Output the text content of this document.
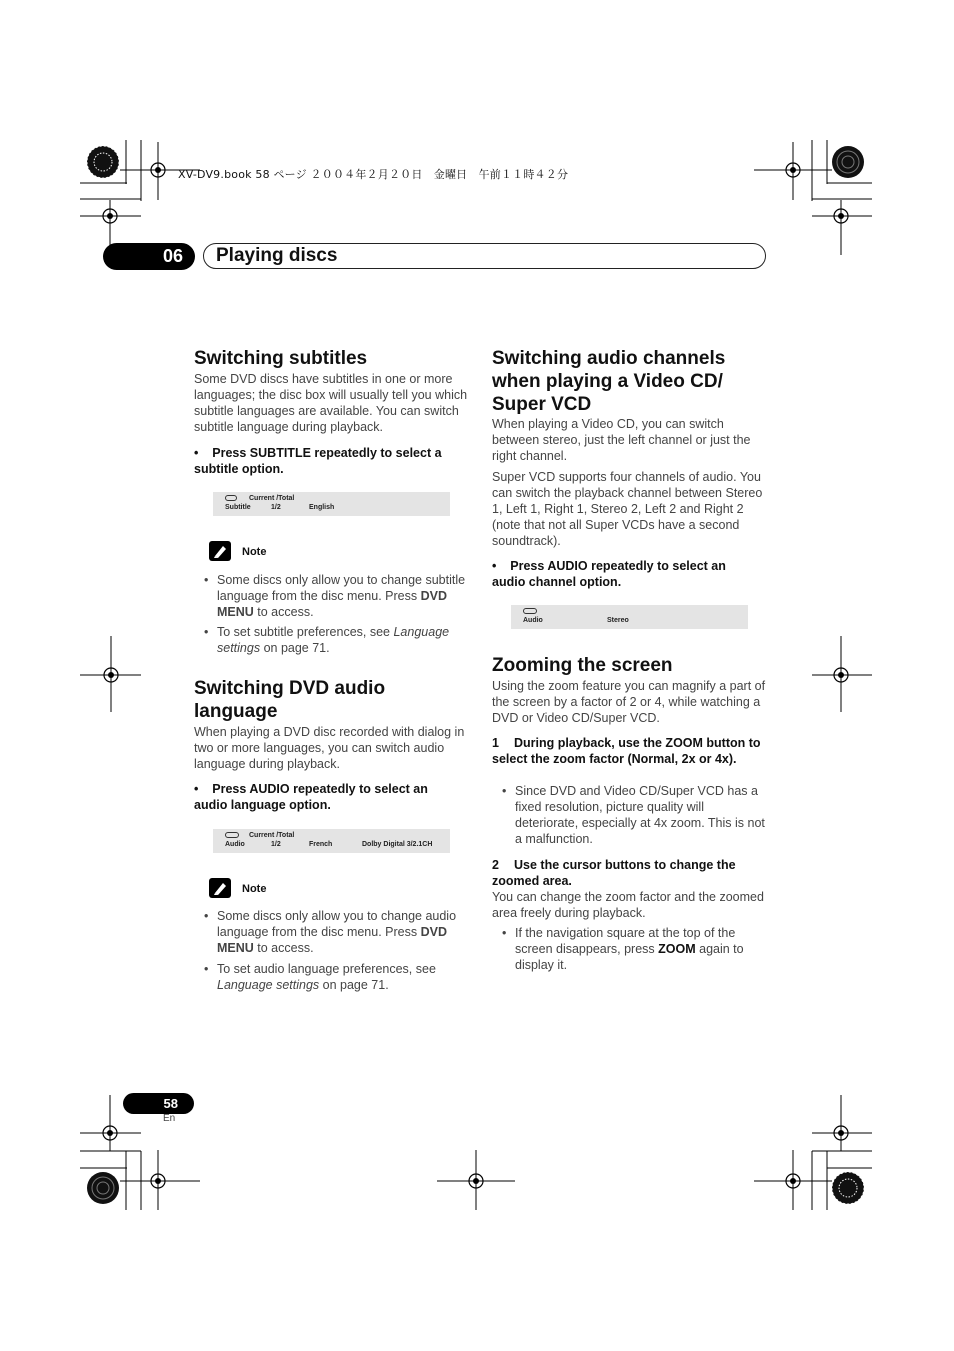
XV-DV9.book 58 ページ ２００４年２月２０日　金曜日　午前１１時４２分
06	Playing discs
Switching subtitles

Some DVD discs have subtitles in one or more languages; the disc box will usually tell you which subtitle languages are available. You can switch subtitle language during playback.

•    Press SUBTITLE repeatedly to select a subtitle option.
Current /Total
Subtitle	1/2	English
Note
• Some discs only allow you to change subtitle language from the disc menu. Press DVD MENU to access.
• To set subtitle preferences, see Language settings on page 71.
Switching DVD audio language

When playing a DVD disc recorded with dialog in two or more languages, you can switch audio language during playback.

•    Press AUDIO repeatedly to select an audio language option.
Current /Total
Audio	1/2	French	Dolby Digital 3/2.1CH
Note
• Some discs only allow you to change audio language from the disc menu. Press DVD MENU to access.
• To set audio language preferences, see Language settings on page 71.
Switching audio channels when playing a Video CD/ Super VCD

When playing a Video CD, you can switch between stereo, just the left channel or just the right channel.

Super VCD supports four channels of audio. You can switch the playback channel between Stereo 1, Left 1, Right 1, Stereo 2, Left 2 and Right 2 (note that not all Super VCDs have a second soundtrack).

•    Press AUDIO repeatedly to select an audio channel option.
Audio	Stereo
Zooming the screen

Using the zoom feature you can magnify a part of the screen by a factor of 2 or 4, while watching a DVD or Video CD/Super VCD.

1	During playback, use the ZOOM button to select the zoom factor (Normal, 2x or 4x).
• Since DVD and Video CD/Super VCD has a fixed resolution, picture quality will deteriorate, especially at 4x zoom. This is not a malfunction.
2	Use the cursor buttons to change the zoomed area.

You can change the zoom factor and the zoomed area freely during playback.

• If the navigation square at the top of the screen disappears, press ZOOM again to display it.
58
En
